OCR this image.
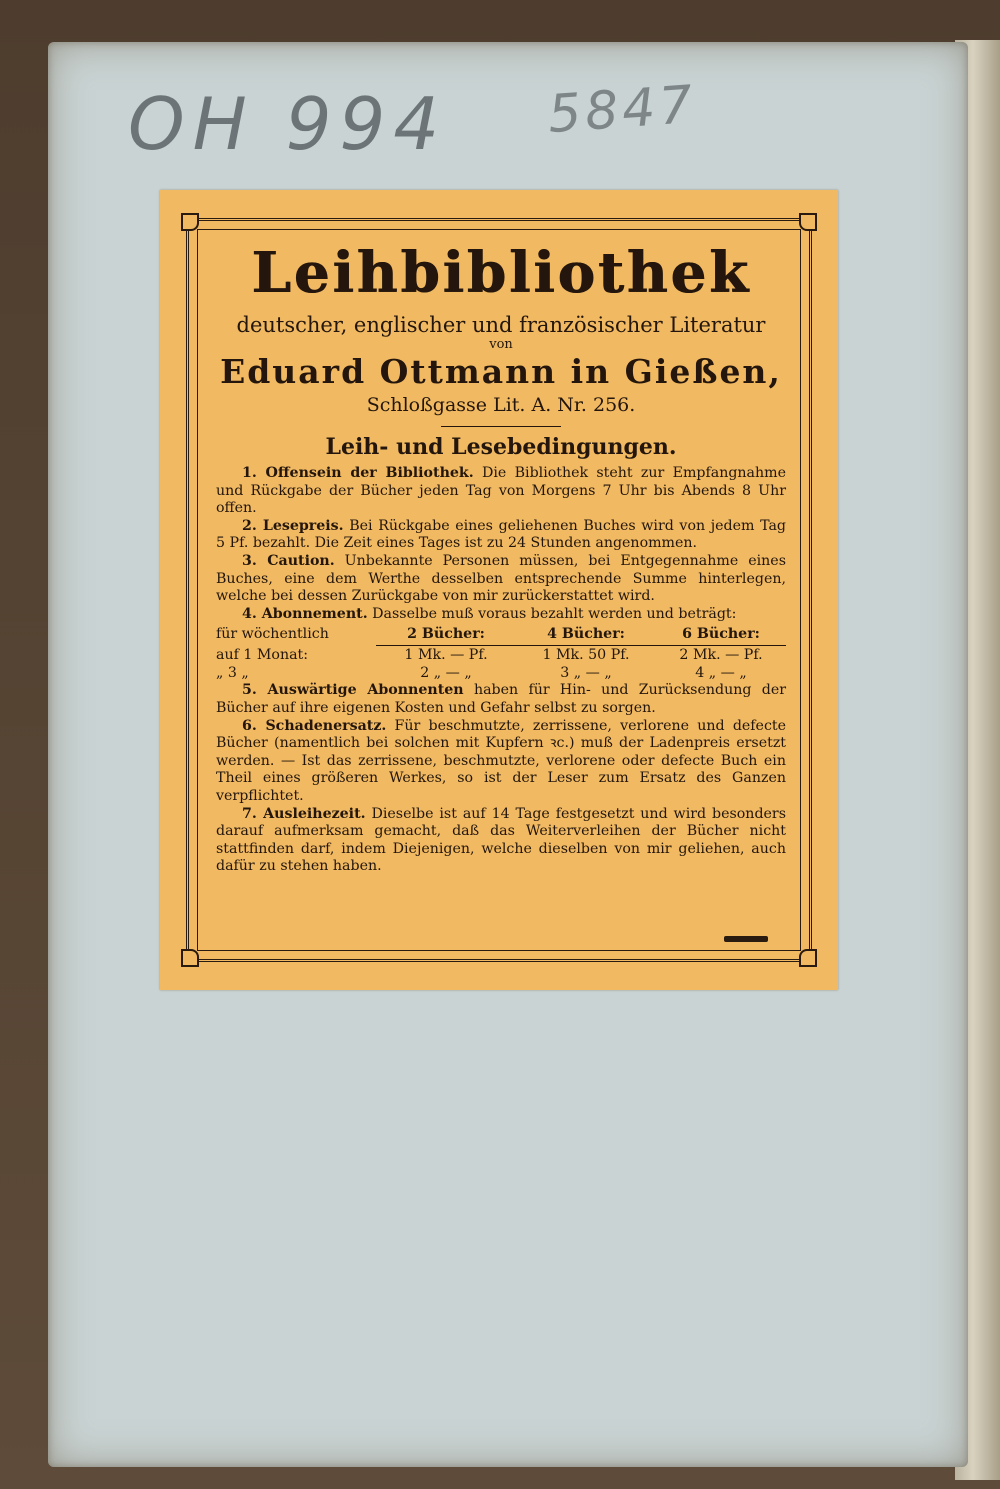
OH 994 5847
Leihbibliothek
deutscher, englischer und französischer Literatur
von
Eduard Ottmann in Gießen,
Schloßgasse Lit. A. Nr. 256.
Leih- und Lesebedingungen.

1. Offensein der Bibliothek. Die Bibliothek steht zur Empfangnahme und Rückgabe der Bücher jeden Tag von Morgens 7 Uhr bis Abends 8 Uhr offen.

2. Lesepreis. Bei Rückgabe eines geliehenen Buches wird von jedem Tag 5 Pf. bezahlt. Die Zeit eines Tages ist zu 24 Stunden angenommen.

3. Caution. Unbekannte Personen müssen, bei Entgegennahme eines Buches, eine dem Werthe desselben entsprechende Summe hinterlegen, welche bei dessen Zurückgabe von mir zurückerstattet wird.

4. Abonnement. Dasselbe muß voraus bezahlt werden und beträgt:

für wöchentlich	2 Bücher:	4 Bücher:	6 Bücher:
auf 1 Monat:	1 Mk. — Pf.	1 Mk. 50 Pf.	2 Mk. — Pf.
„ 3 „	2 „ — „	3 „ — „	4 „ — „

5. Auswärtige Abonnenten haben für Hin- und Zurücksendung der Bücher auf ihre eigenen Kosten und Gefahr selbst zu sorgen.

6. Schadenersatz. Für beschmutzte, zerrissene, verlorene und defecte Bücher (namentlich bei solchen mit Kupfern ꝛc.) muß der Ladenpreis ersetzt werden. — Ist das zerrissene, beschmutzte, verlorene oder defecte Buch ein Theil eines größeren Werkes, so ist der Leser zum Ersatz des Ganzen verpflichtet.

7. Ausleihezeit. Dieselbe ist auf 14 Tage festgesetzt und wird besonders darauf aufmerksam gemacht, daß das Weiterverleihen der Bücher nicht stattfinden darf, indem Diejenigen, welche dieselben von mir geliehen, auch dafür zu stehen haben.
